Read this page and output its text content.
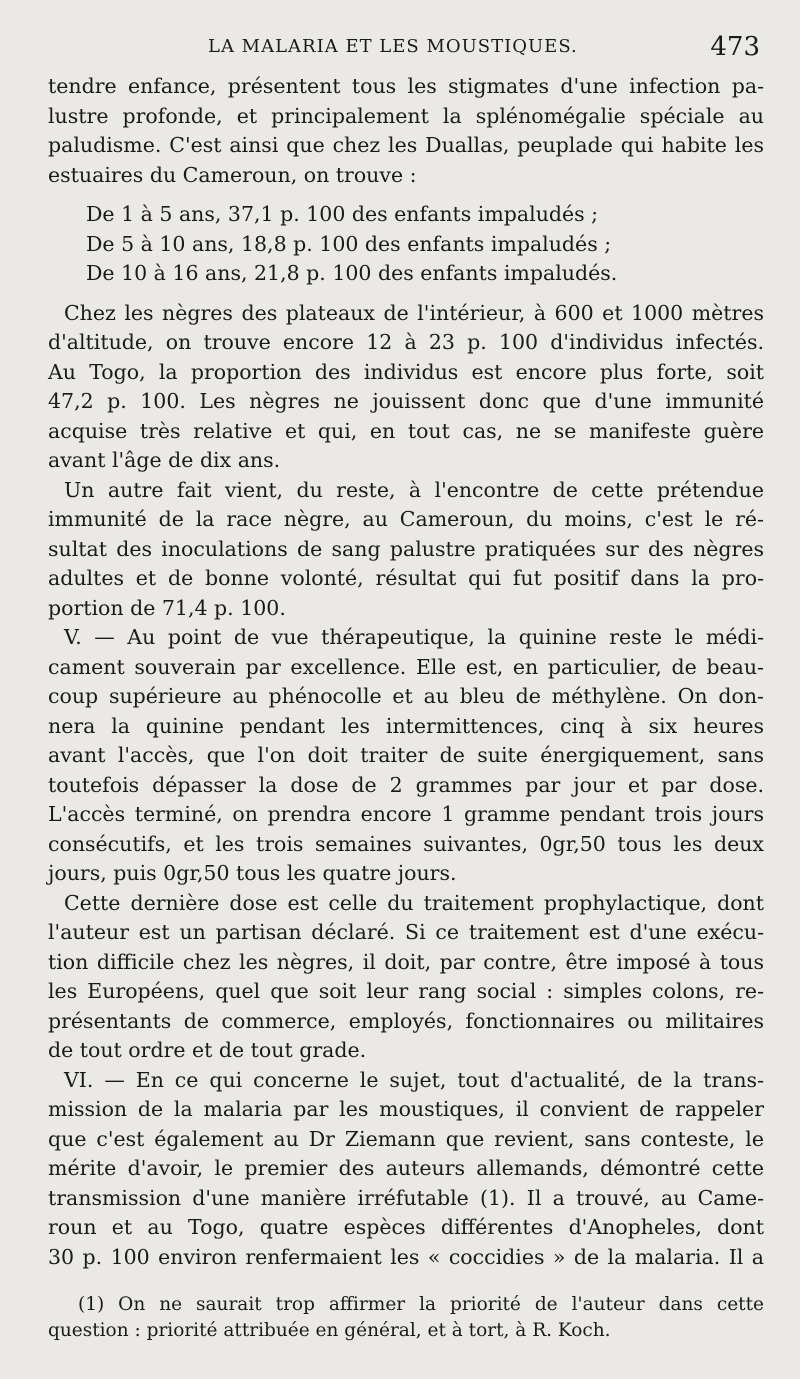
LA MALARIA ET LES MOUSTIQUES.	473
tendre enfance, présentent tous les stigmates d'une infection pa-
lustre profonde, et principalement la splénomégalie spéciale au
paludisme. C'est ainsi que chez les Duallas, peuplade qui habite les
estuaires du Cameroun, on trouve :
De 1 à 5 ans, 37,1 p. 100 des enfants impaludés ;
De 5 à 10 ans, 18,8 p. 100 des enfants impaludés ;
De 10 à 16 ans, 21,8 p. 100 des enfants impaludés.
Chez les nègres des plateaux de l'intérieur, à 600 et 1000 mètres
d'altitude, on trouve encore 12 à 23 p. 100 d'individus infectés.
Au Togo, la proportion des individus est encore plus forte, soit
47,2 p. 100. Les nègres ne jouissent donc que d'une immunité
acquise très relative et qui, en tout cas, ne se manifeste guère
avant l'âge de dix ans.
Un autre fait vient, du reste, à l'encontre de cette prétendue
immunité de la race nègre, au Cameroun, du moins, c'est le ré-
sultat des inoculations de sang palustre pratiquées sur des nègres
adultes et de bonne volonté, résultat qui fut positif dans la pro-
portion de 71,4 p. 100.
V. — Au point de vue thérapeutique, la quinine reste le médi-
cament souverain par excellence. Elle est, en particulier, de beau-
coup supérieure au phénocolle et au bleu de méthylène. On don-
nera la quinine pendant les intermittences, cinq à six heures
avant l'accès, que l'on doit traiter de suite énergiquement, sans
toutefois dépasser la dose de 2 grammes par jour et par dose.
L'accès terminé, on prendra encore 1 gramme pendant trois jours
consécutifs, et les trois semaines suivantes, 0gr,50 tous les deux
jours, puis 0gr,50 tous les quatre jours.
Cette dernière dose est celle du traitement prophylactique, dont
l'auteur est un partisan déclaré. Si ce traitement est d'une exécu-
tion difficile chez les nègres, il doit, par contre, être imposé à tous
les Européens, quel que soit leur rang social : simples colons, re-
présentants de commerce, employés, fonctionnaires ou militaires
de tout ordre et de tout grade.
VI. — En ce qui concerne le sujet, tout d'actualité, de la trans-
mission de la malaria par les moustiques, il convient de rappeler
que c'est également au Dr Ziemann que revient, sans conteste, le
mérite d'avoir, le premier des auteurs allemands, démontré cette
transmission d'une manière irréfutable (1). Il a trouvé, au Came-
roun et au Togo, quatre espèces différentes d'Anopheles, dont
30 p. 100 environ renfermaient les « coccidies » de la malaria. Il a
(1) On ne saurait trop affirmer la priorité de l'auteur dans cette
question : priorité attribuée en général, et à tort, à R. Koch.
